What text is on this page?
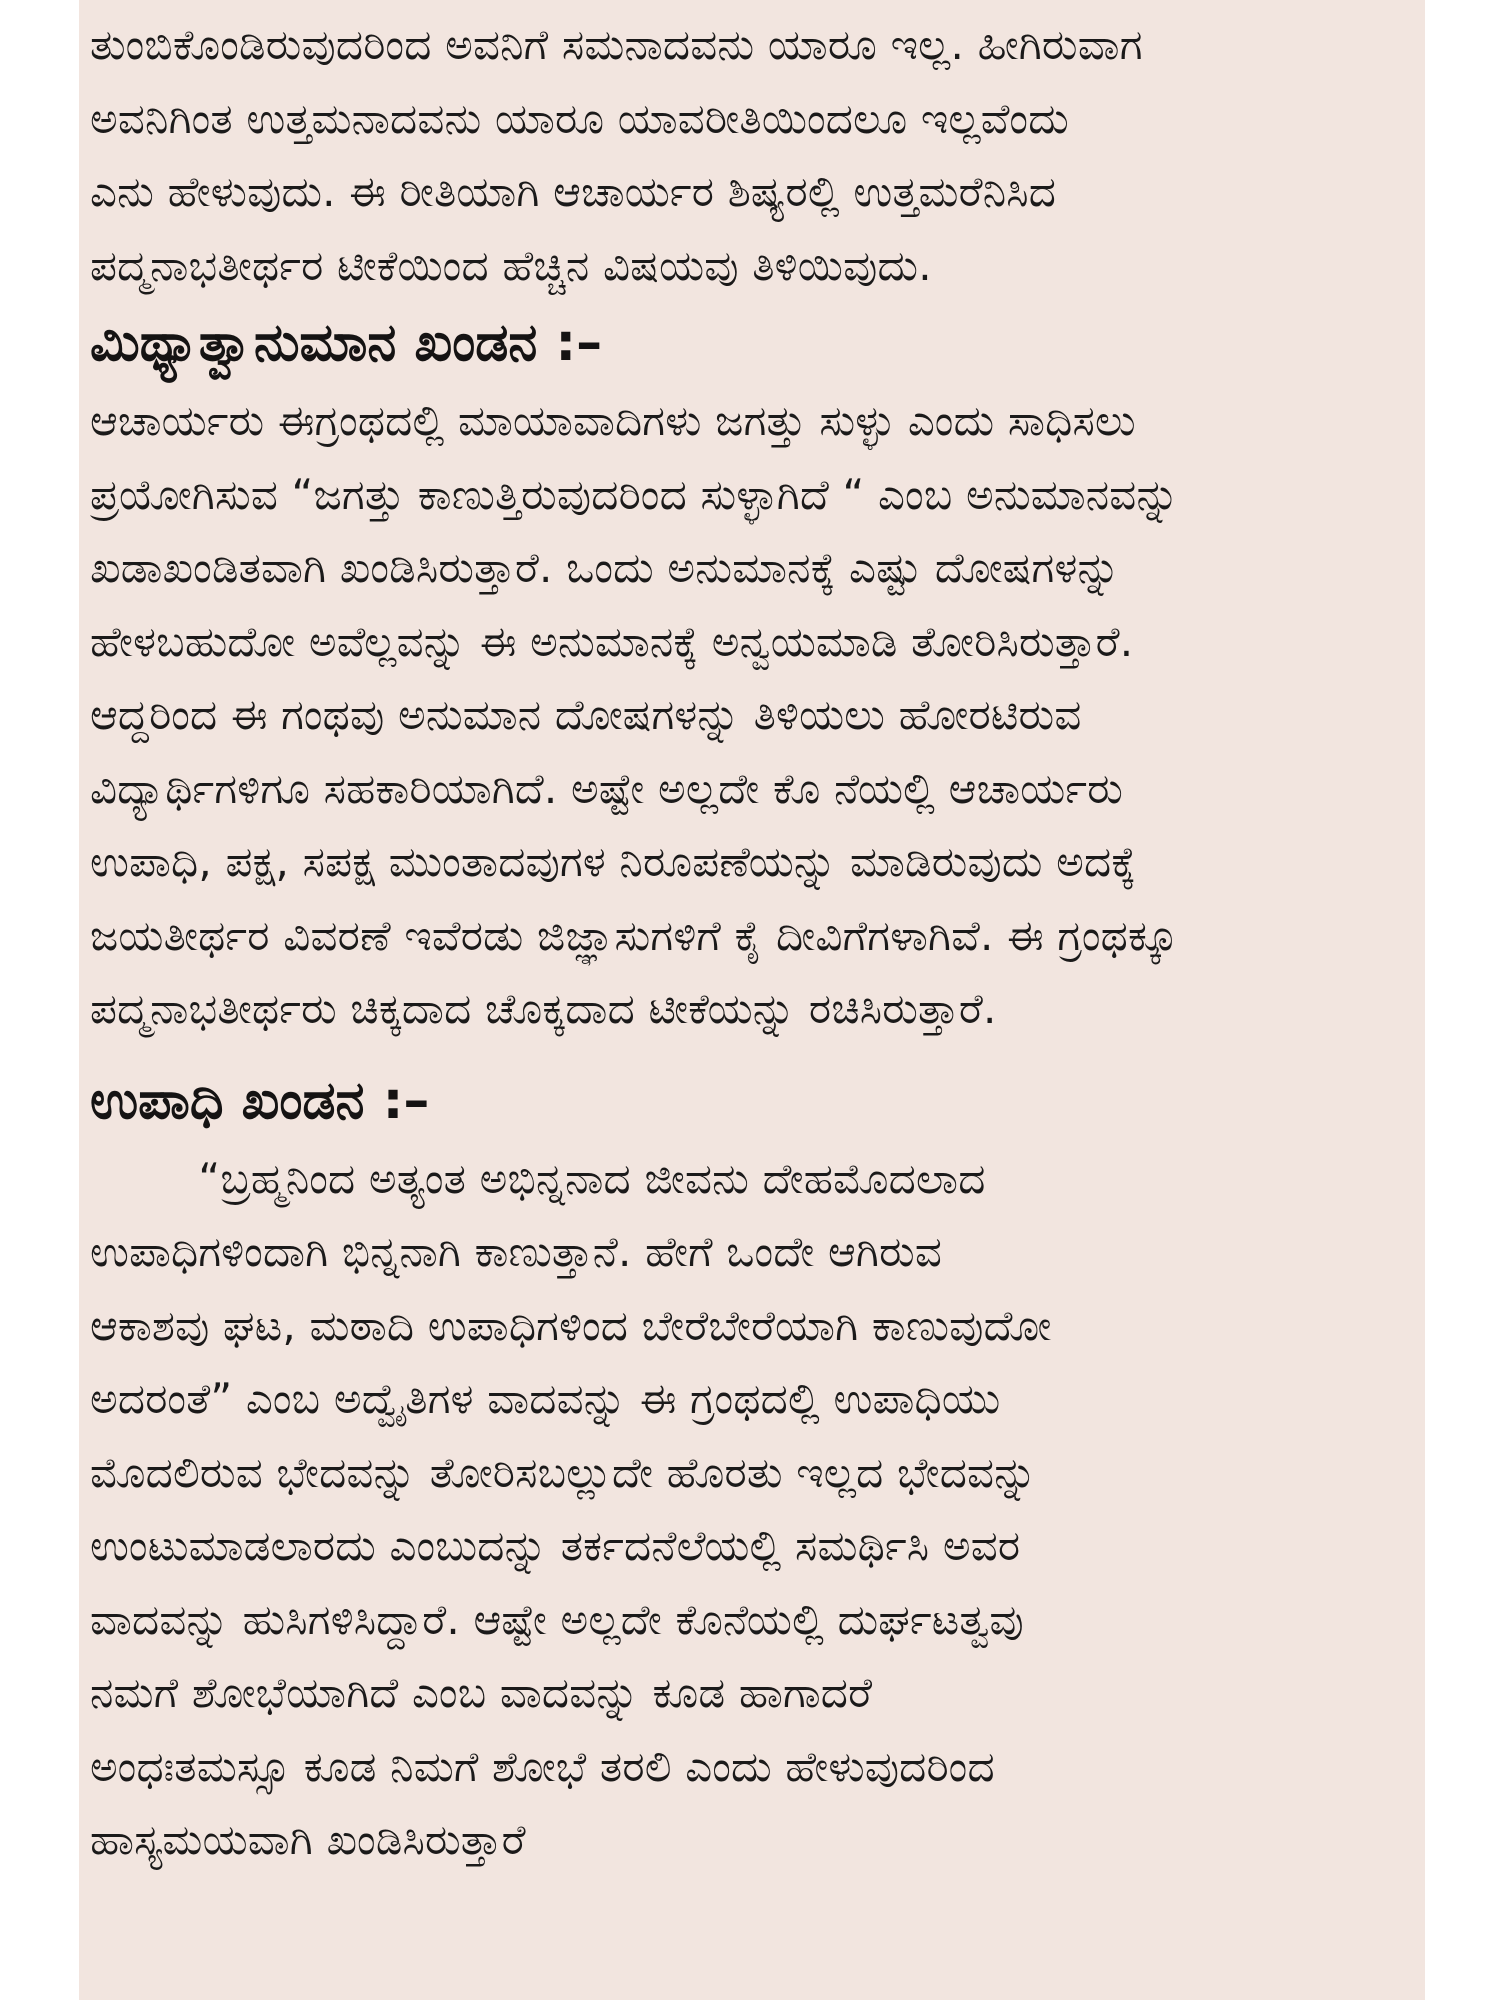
ತುಂಬಿಕೊಂಡಿರುವುದರಿಂದ ಅವನಿಗೆ ಸಮನಾದವನು ಯಾರೂ ಇಲ್ಲ. ಹೀಗಿರುವಾಗ
ಅವನಿಗಿಂತ ಉತ್ತಮನಾದವನು ಯಾರೂ ಯಾವರೀತಿಯಿಂದಲೂ ಇಲ್ಲವೆಂದು
ಎನು ಹೇಳುವುದು. ಈ ರೀತಿಯಾಗಿ ಆಚಾರ್ಯರ ಶಿಷ್ಯರಲ್ಲಿ ಉತ್ತಮರೆನಿಸಿದ
ಪದ್ಮನಾಭತೀರ್ಥರ ಟೀಕೆಯಿಂದ ಹೆಚ್ಚಿನ ವಿಷಯವು ತಿಳಿಯಿವುದು.
ಮಿಥ್ಯಾತ್ವಾನುಮಾನ ಖಂಡನ :–
ಆಚಾರ್ಯರು ಈಗ್ರಂಥದಲ್ಲಿ ಮಾಯಾವಾದಿಗಳು ಜಗತ್ತು ಸುಳ್ಳು ಎಂದು ಸಾಧಿಸಲು
ಪ್ರಯೋಗಿಸುವ “ಜಗತ್ತು ಕಾಣುತ್ತಿರುವುದರಿಂದ ಸುಳ್ಳಾಗಿದೆ “ ಎಂಬ ಅನುಮಾನವನ್ನು
ಖಡಾಖಂಡಿತವಾಗಿ ಖಂಡಿಸಿರುತ್ತಾರೆ. ಒಂದು ಅನುಮಾನಕ್ಕೆ ಎಷ್ಟು ದೋಷಗಳನ್ನು
ಹೇಳಬಹುದೋ ಅವೆಲ್ಲವನ್ನು ಈ ಅನುಮಾನಕ್ಕೆ ಅನ್ವಯಮಾಡಿ ತೋರಿಸಿರುತ್ತಾರೆ.
ಆದ್ದರಿಂದ ಈ ಗಂಥವು ಅನುಮಾನ ದೋಷಗಳನ್ನು ತಿಳಿಯಲು ಹೋರಟಿರುವ
ವಿದ್ಯಾರ್ಥಿಗಳಿಗೂ ಸಹಕಾರಿಯಾಗಿದೆ. ಅಷ್ಟೇ ಅಲ್ಲದೇ ಕೊ ನೆಯಲ್ಲಿ ಆಚಾರ್ಯರು
ಉಪಾಧಿ, ಪಕ್ಷ, ಸಪಕ್ಷ ಮುಂತಾದವುಗಳ ನಿರೂಪಣೆಯನ್ನು ಮಾಡಿರುವುದು ಅದಕ್ಕೆ
ಜಯತೀರ್ಥರ ವಿವರಣೆ ಇವೆರಡು ಜಿಜ್ಞಾಸುಗಳಿಗೆ ಕೈ ದೀವಿಗೆಗಳಾಗಿವೆ. ಈ ಗ್ರಂಥಕ್ಕೂ
ಪದ್ಮನಾಭತೀರ್ಥರು ಚಿಕ್ಕದಾದ ಚೊಕ್ಕದಾದ ಟೀಕೆಯನ್ನು ರಚಿಸಿರುತ್ತಾರೆ.
ಉಪಾಧಿ ಖಂಡನ :–
“ಬ್ರಹ್ಮನಿಂದ ಅತ್ಯಂತ ಅಭಿನ್ನನಾದ ಜೀವನು ದೇಹಮೊದಲಾದ
ಉಪಾಧಿಗಳಿಂದಾಗಿ ಭಿನ್ನನಾಗಿ ಕಾಣುತ್ತಾನೆ. ಹೇಗೆ ಒಂದೇ ಆಗಿರುವ
ಆಕಾಶವು ಘಟ, ಮಠಾದಿ ಉಪಾಧಿಗಳಿಂದ ಬೇರೆಬೇರೆಯಾಗಿ ಕಾಣುವುದೋ
ಅದರಂತೆ” ಎಂಬ ಅದ್ವೈತಿಗಳ ವಾದವನ್ನು ಈ ಗ್ರಂಥದಲ್ಲಿ ಉಪಾಧಿಯು
ಮೊದಲಿರುವ ಭೇದವನ್ನು ತೋರಿಸಬಲ್ಲುದೇ ಹೊರತು ಇಲ್ಲದ ಭೇದವನ್ನು
ಉಂಟುಮಾಡಲಾರದು ಎಂಬುದನ್ನು ತರ್ಕದನೆಲೆಯಲ್ಲಿ ಸಮರ್ಥಿಸಿ ಅವರ
ವಾದವನ್ನು ಹುಸಿಗಳಿಸಿದ್ದಾರೆ. ಆಷ್ಟೇ ಅಲ್ಲದೇ ಕೊನೆಯಲ್ಲಿ ದುರ್ಘಟತ್ವವು
ನಮಗೆ ಶೋಭೆಯಾಗಿದೆ ಎಂಬ ವಾದವನ್ನು ಕೂಡ ಹಾಗಾದರೆ
ಅಂಧಃತಮಸ್ಸೂ ಕೂಡ ನಿಮಗೆ ಶೋಭೆ ತರಲಿ ಎಂದು ಹೇಳುವುದರಿಂದ
ಹಾಸ್ಯಮಯವಾಗಿ ಖಂಡಿಸಿರುತ್ತಾರೆ
